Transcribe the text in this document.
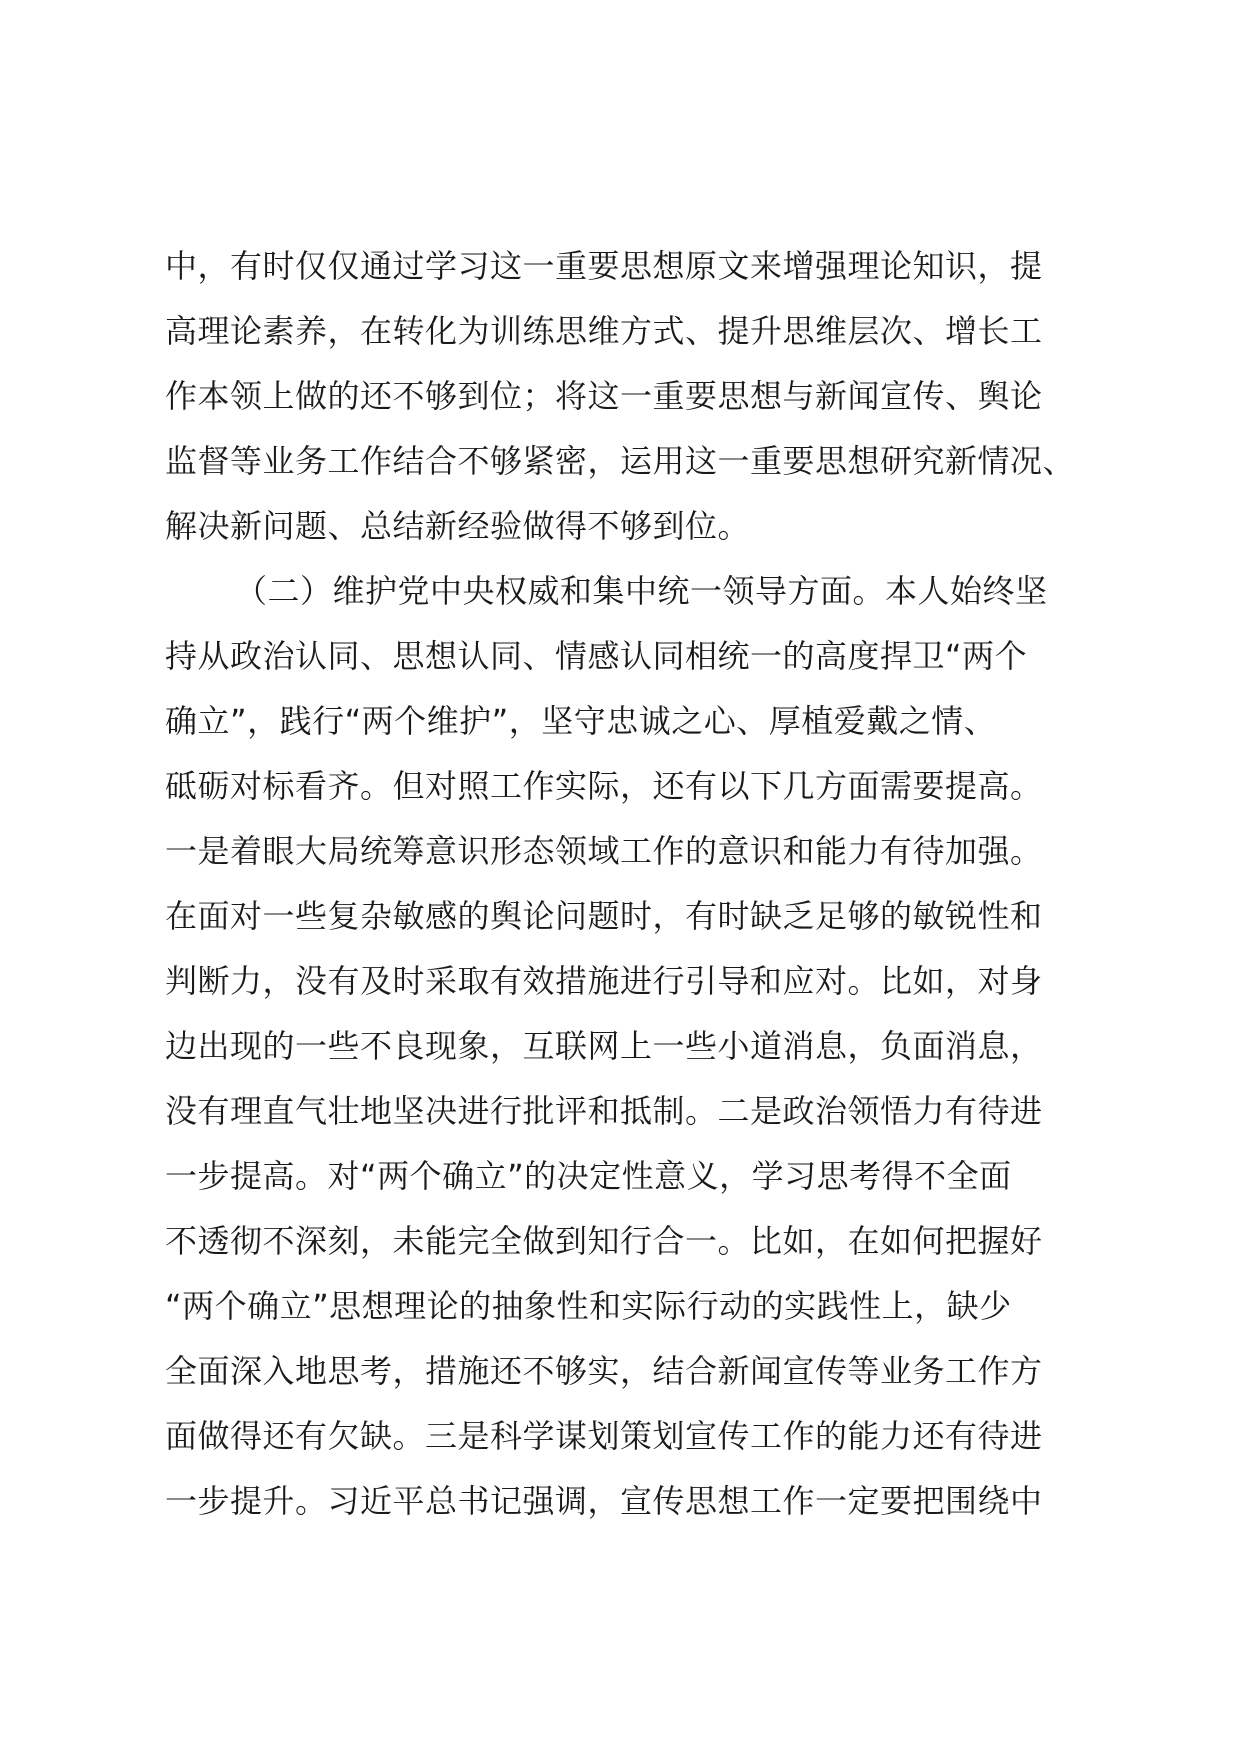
中，有时仅仅通过学习这一重要思想原文来增强理论知识，提
高理论素养，在转化为训练思维方式、提升思维层次、增长工
作本领上做的还不够到位；将这一重要思想与新闻宣传、舆论
监督等业务工作结合不够紧密，运用这一重要思想研究新情况、
解决新问题、总结新经验做得不够到位。
（二）维护党中央权威和集中统一领导方面。本人始终坚
持从政治认同、思想认同、情感认同相统一的高度捍卫“两个
确立”，践行“两个维护”，坚守忠诚之心、厚植爱戴之情、
砥砺对标看齐。但对照工作实际，还有以下几方面需要提高。
一是着眼大局统筹意识形态领域工作的意识和能力有待加强。
在面对一些复杂敏感的舆论问题时，有时缺乏足够的敏锐性和
判断力，没有及时采取有效措施进行引导和应对。比如，对身
边出现的一些不良现象，互联网上一些小道消息，负面消息，
没有理直气壮地坚决进行批评和抵制。二是政治领悟力有待进
一步提高。对“两个确立”的决定性意义，学习思考得不全面
不透彻不深刻，未能完全做到知行合一。比如，在如何把握好
“两个确立”思想理论的抽象性和实际行动的实践性上，缺少
全面深入地思考，措施还不够实，结合新闻宣传等业务工作方
面做得还有欠缺。三是科学谋划策划宣传工作的能力还有待进
一步提升。习近平总书记强调，宣传思想工作一定要把围绕中
